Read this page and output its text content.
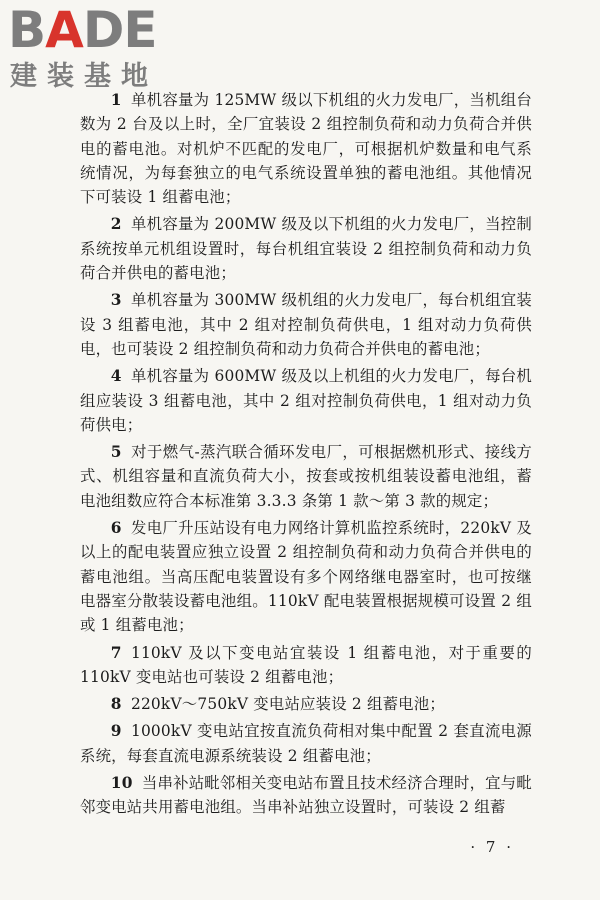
BADE
建装基地

1 单机容量为 125MW 级以下机组的火力发电厂，当机组台数为 2 台及以上时，全厂宜装设 2 组控制负荷和动力负荷合并供电的蓄电池。对机炉不匹配的发电厂，可根据机炉数量和电气系统情况，为每套独立的电气系统设置单独的蓄电池组。其他情况下可装设 1 组蓄电池；

2 单机容量为 200MW 级及以下机组的火力发电厂，当控制系统按单元机组设置时，每台机组宜装设 2 组控制负荷和动力负荷合并供电的蓄电池；

3 单机容量为 300MW 级机组的火力发电厂，每台机组宜装设 3 组蓄电池，其中 2 组对控制负荷供电，1 组对动力负荷供电，也可装设 2 组控制负荷和动力负荷合并供电的蓄电池；

4 单机容量为 600MW 级及以上机组的火力发电厂，每台机组应装设 3 组蓄电池，其中 2 组对控制负荷供电，1 组对动力负荷供电；

5 对于燃气-蒸汽联合循环发电厂，可根据燃机形式、接线方式、机组容量和直流负荷大小，按套或按机组装设蓄电池组，蓄电池组数应符合本标准第 3.3.3 条第 1 款～第 3 款的规定；

6 发电厂升压站设有电力网络计算机监控系统时，220kV 及以上的配电装置应独立设置 2 组控制负荷和动力负荷合并供电的蓄电池组。当高压配电装置设有多个网络继电器室时，也可按继电器室分散装设蓄电池组。110kV 配电装置根据规模可设置 2 组或 1 组蓄电池；

7 110kV 及以下变电站宜装设 1 组蓄电池，对于重要的 110kV 变电站也可装设 2 组蓄电池；

8 220kV～750kV 变电站应装设 2 组蓄电池；

9 1000kV 变电站宜按直流负荷相对集中配置 2 套直流电源系统，每套直流电源系统装设 2 组蓄电池；

10 当串补站毗邻相关变电站布置且技术经济合理时，宜与毗邻变电站共用蓄电池组。当串补站独立设置时，可装设 2 组蓄

· 7 ·
